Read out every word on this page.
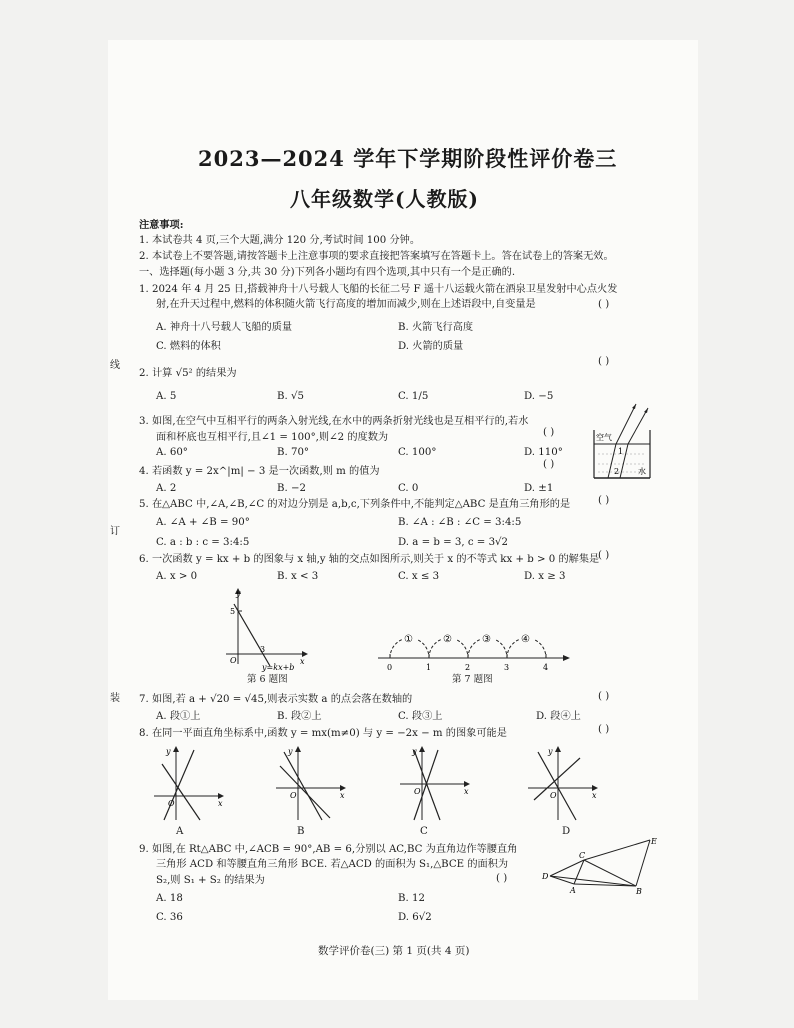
2023—2024 学年下学期阶段性评价卷三
八年级数学(人教版)
线
订
装
注意事项:
1. 本试卷共 4 页,三个大题,满分 120 分,考试时间 100 分钟。
2. 本试卷上不要答题,请按答题卡上注意事项的要求直接把答案填写在答题卡上。答在试卷上的答案无效。
一、选择题(每小题 3 分,共 30 分)下列各小题均有四个选项,其中只有一个是正确的.
1. 2024 年 4 月 25 日,搭载神舟十八号载人飞船的长征二号 F 遥十八运载火箭在酒泉卫星发射中心点火发
射,在升天过程中,燃料的体积随火箭飞行高度的增加而减少,则在上述语段中,自变量是	( )
A. 神舟十八号载人飞船的质量	B. 火箭飞行高度
C. 燃料的体积	D. 火箭的质量
( )
2. 计算 √5² 的结果为
A. 5	B. √5	C. 1/5	D. −5
3. 如图,在空气中互相平行的两条入射光线,在水中的两条折射光线也是互相平行的,若水
面和杯底也互相平行,且∠1 = 100°,则∠2 的度数为	( )
A. 60°	B. 70°	C. 100°	D. 110°
空气
水
1
2
4. 若函数 y = 2x^|m| − 3 是一次函数,则 m 的值为
( )
A. 2	B. −2	C. 0	D. ±1
5. 在△ABC 中,∠A,∠B,∠C 的对边分别是 a,b,c,下列条件中,不能判定△ABC 是直角三角形的是	( )
A. ∠A + ∠B = 90°	B. ∠A : ∠B : ∠C = 3:4:5
C. a : b : c = 3:4:5	D. a = b = 3, c = 3√2
6. 一次函数 y = kx + b 的图象与 x 轴,y 轴的交点如图所示,则关于 x 的不等式 kx + b > 0 的解集是
( )
A. x > 0	B. x < 3	C. x ≤ 3	D. x ≥ 3
y
x
O
5
3
y=kx+b
第 6 题图
①	②	③	④
0	1	2	3	4
第 7 题图
7. 如图,若 a + √20 = √45,则表示实数 a 的点会落在数轴的	( )
A. 段①上	B. 段②上	C. 段③上	D. 段④上
8. 在同一平面直角坐标系中,函数 y = mx(m≠0) 与 y = −2x − m 的图象可能是	( )
y
x
O
y
x
O
y
x
O
y
x
O
A	B	C	D
9. 如图,在 Rt△ABC 中,∠ACB = 90°,AB = 6,分别以 AC,BC 为直角边作等腰直角
三角形 ACD 和等腰直角三角形 BCE. 若△ACD 的面积为 S₁,△BCE 的面积为
S₂,则 S₁ + S₂ 的结果为	( )
A. 18	B. 12
C. 36	D. 6√2
E
C
D
A	B
数学评价卷(三) 第 1 页(共 4 页)
